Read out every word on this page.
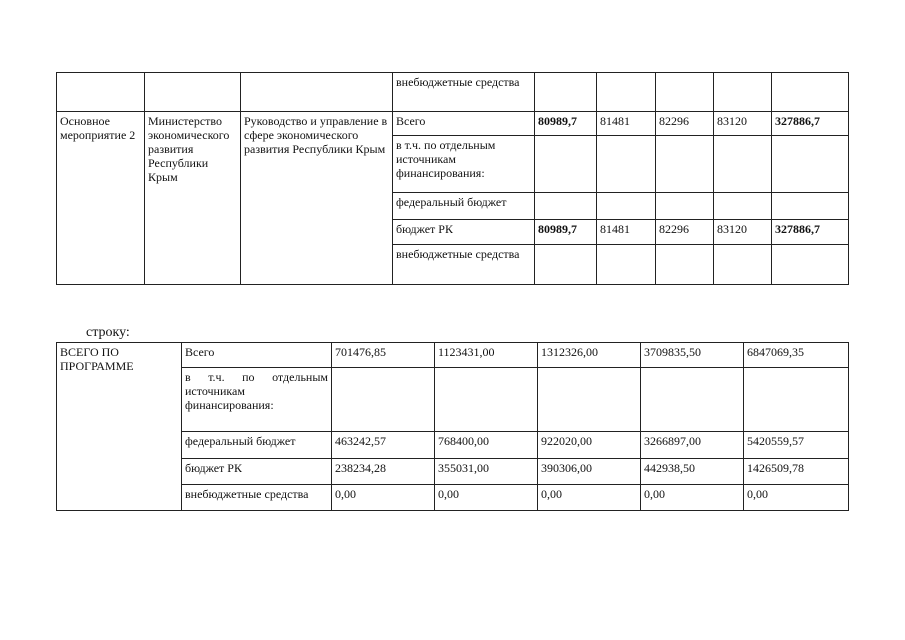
			внебюджетные средства					
Основное мероприятие 2	Министерство экономического развития Республики Крым	Руководство и управление в сфере экономического развития Республики Крым	Всего	80989,7	81481	82296	83120	327886,7
			в т.ч. по отдельным источникам финансирования:					
			федеральный бюджет					
			бюджет РК	80989,7	81481	82296	83120	327886,7
			внебюджетные средства					
строку:
ВСЕГО ПО ПРОГРАММЕ	Всего	701476,85	1123431,00	1312326,00	3709835,50	6847069,35
	в т.ч. по отдельным источникам финансирования:					
	федеральный бюджет	463242,57	768400,00	922020,00	3266897,00	5420559,57
	бюджет РК	238234,28	355031,00	390306,00	442938,50	1426509,78
	внебюджетные средства	0,00	0,00	0,00	0,00	0,00
